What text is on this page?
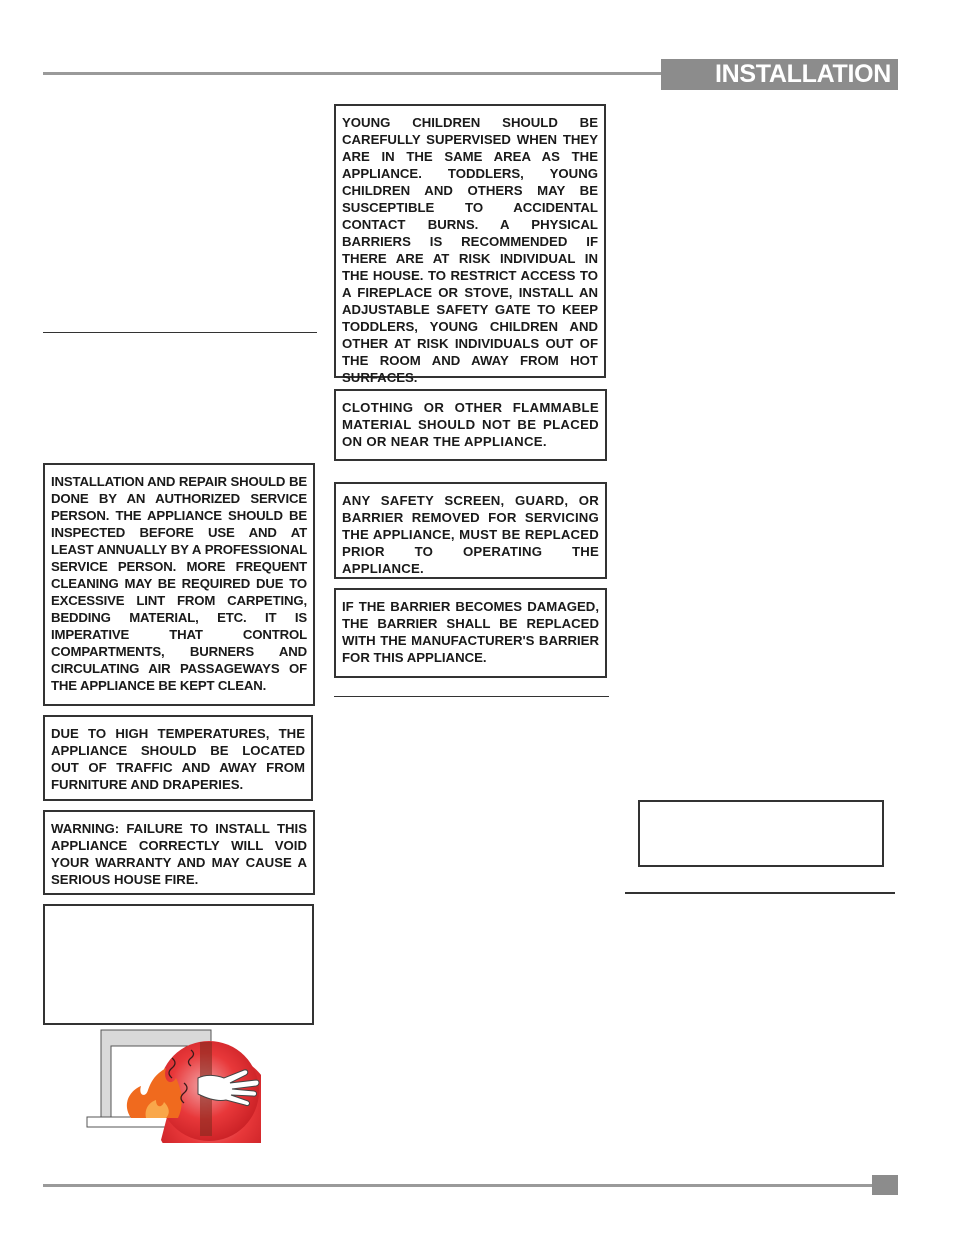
INSTALLATION
INSTALLATION AND REPAIR SHOULD BE DONE BY AN AUTHORIZED SERVICE PERSON. THE APPLIANCE SHOULD BE INSPECTED BEFORE USE AND AT LEAST ANNUALLY BY A PROFESSIONAL SERVICE PERSON. MORE FREQUENT CLEANING MAY BE REQUIRED DUE TO EXCESSIVE LINT FROM CARPETING, BEDDING MATERIAL, ETC. IT IS IMPERATIVE THAT CONTROL COMPARTMENTS, BURNERS AND CIRCULATING AIR PASSAGEWAYS OF THE APPLIANCE BE KEPT CLEAN.
DUE TO HIGH TEMPERATURES, THE APPLIANCE SHOULD BE LOCATED OUT OF TRAFFIC AND AWAY FROM FURNITURE AND DRAPERIES.
WARNING: FAILURE TO INSTALL THIS APPLIANCE CORRECTLY WILL VOID YOUR WARRANTY AND MAY CAUSE A SERIOUS HOUSE FIRE.
YOUNG CHILDREN SHOULD BE CAREFULLY SUPERVISED WHEN THEY ARE IN THE SAME AREA AS THE APPLIANCE. TODDLERS, YOUNG CHILDREN AND OTHERS MAY BE SUSCEPTIBLE TO ACCIDENTAL CONTACT BURNS. A PHYSICAL BARRIERS IS RECOMMENDED IF THERE ARE AT RISK INDIVIDUAL IN THE HOUSE. TO RESTRICT ACCESS TO A FIREPLACE OR STOVE, INSTALL AN ADJUSTABLE SAFETY GATE TO KEEP TODDLERS, YOUNG CHILDREN AND OTHER AT RISK INDIVIDUALS OUT OF THE ROOM AND AWAY FROM HOT SURFACES.
CLOTHING OR OTHER FLAMMABLE MATERIAL SHOULD NOT BE PLACED ON OR NEAR THE APPLIANCE.
ANY SAFETY SCREEN, GUARD, OR BARRIER REMOVED FOR SERVICING THE APPLIANCE, MUST BE REPLACED PRIOR TO OPERATING THE APPLIANCE.
IF THE BARRIER BECOMES DAMAGED, THE BARRIER SHALL BE REPLACED WITH THE MANUFACTURER'S BARRIER FOR THIS APPLIANCE.
